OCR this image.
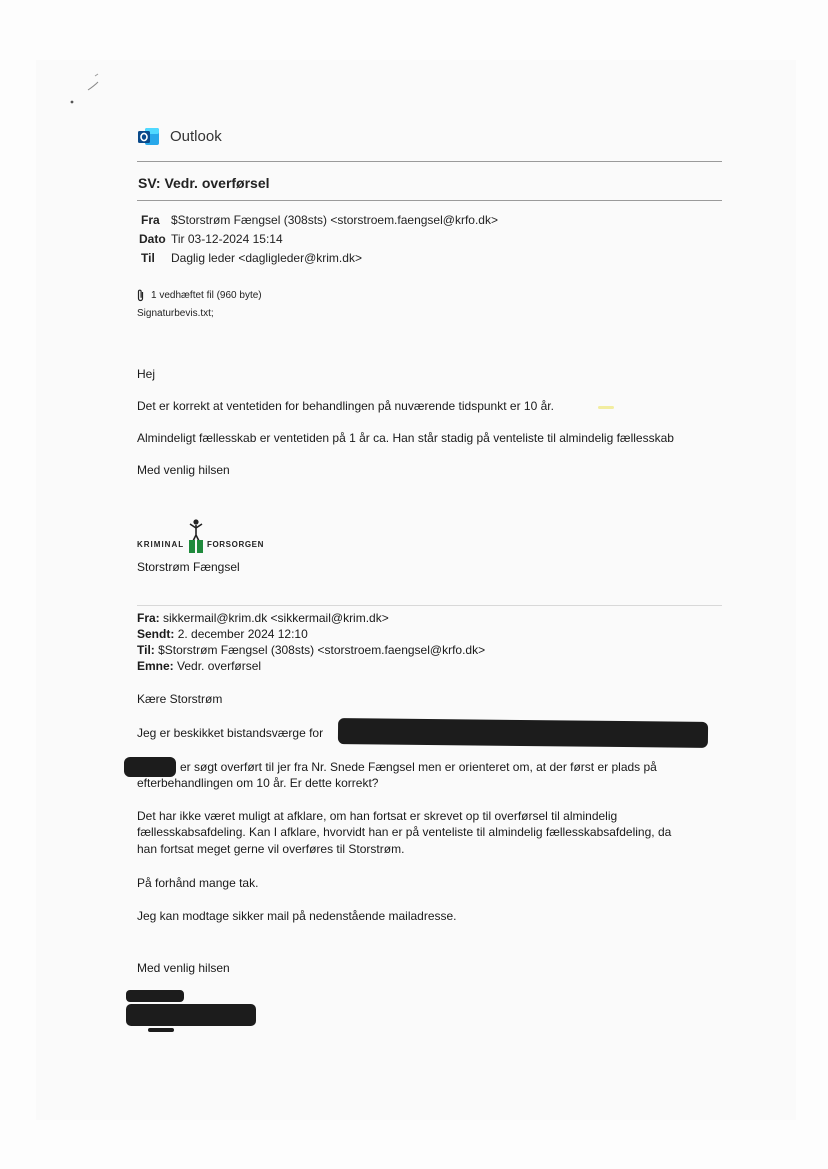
Outlook
SV: Vedr. overførsel
Fra $Storstrøm Fængsel (308sts) <storstroem.faengsel@krfo.dk>
Dato Tir 03-12-2024 15:14
Til Daglig leder <dagligleder@krim.dk>
1 vedhæftet fil (960 byte)
Signaturbevis.txt;
Hej
Det er korrekt at ventetiden for behandlingen på nuværende tidspunkt er 10 år.
Almindeligt fællesskab er ventetiden på 1 år ca. Han står stadig på venteliste til almindelig fællesskab
Med venlig hilsen
KRIMINAL	FORSORGEN
Storstrøm Fængsel
Fra: sikkermail@krim.dk <sikkermail@krim.dk>
Sendt: 2. december 2024 12:10
Til: $Storstrøm Fængsel (308sts) <storstroem.faengsel@krfo.dk>
Emne: Vedr. overførsel
Kære Storstrøm
Jeg er beskikket bistandsværge for
er søgt overført til jer fra Nr. Snede Fængsel men er orienteret om, at der først er plads på
efterbehandlingen om 10 år. Er dette korrekt?
Det har ikke været muligt at afklare, om han fortsat er skrevet op til overførsel til almindelig
fællesskabsafdeling. Kan I afklare, hvorvidt han er på venteliste til almindelig fællesskabsafdeling, da
han fortsat meget gerne vil overføres til Storstrøm.
På forhånd mange tak.
Jeg kan modtage sikker mail på nedenstående mailadresse.
Med venlig hilsen
